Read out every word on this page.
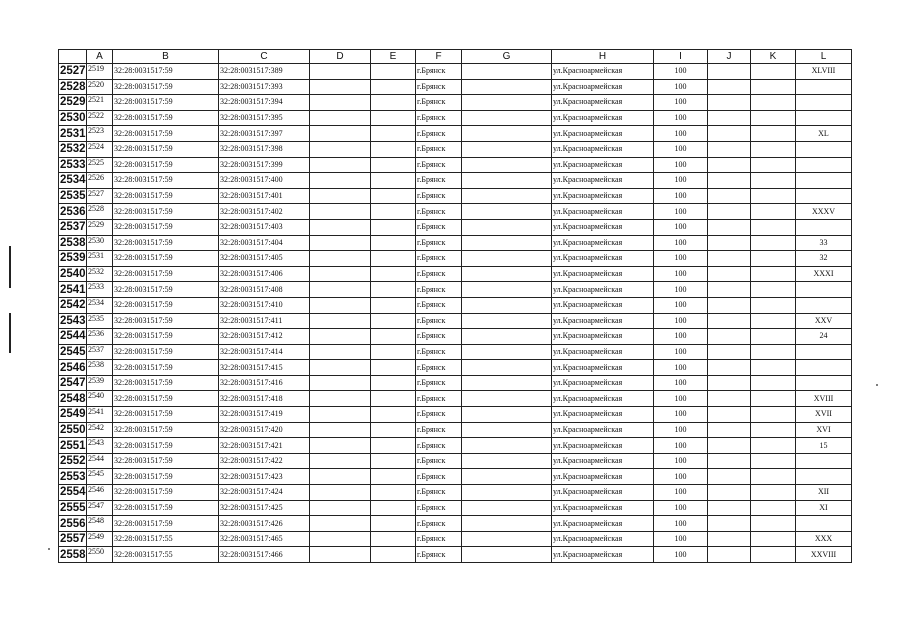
	A	B	C	D	E	F	G	H	I	J	K	L
2527	2519	32:28:0031517:59	32:28:0031517:389			г.Брянск		ул.Красноармейская	100			XLVIII
2528	2520	32:28:0031517:59	32:28:0031517:393			г.Брянск		ул.Красноармейская	100			
2529	2521	32:28:0031517:59	32:28:0031517:394			г.Брянск		ул.Красноармейская	100			
2530	2522	32:28:0031517:59	32:28:0031517:395			г.Брянск		ул.Красноармейская	100			
2531	2523	32:28:0031517:59	32:28:0031517:397			г.Брянск		ул.Красноармейская	100			XL
2532	2524	32:28:0031517:59	32:28:0031517:398			г.Брянск		ул.Красноармейская	100			
2533	2525	32:28:0031517:59	32:28:0031517:399			г.Брянск		ул.Красноармейская	100			
2534	2526	32:28:0031517:59	32:28:0031517:400			г.Брянск		ул.Красноармейская	100			
2535	2527	32:28:0031517:59	32:28:0031517:401			г.Брянск		ул.Красноармейская	100			
2536	2528	32:28:0031517:59	32:28:0031517:402			г.Брянск		ул.Красноармейская	100			XXXV
2537	2529	32:28:0031517:59	32:28:0031517:403			г.Брянск		ул.Красноармейская	100			
2538	2530	32:28:0031517:59	32:28:0031517:404			г.Брянск		ул.Красноармейская	100			33
2539	2531	32:28:0031517:59	32:28:0031517:405			г.Брянск		ул.Красноармейская	100			32
2540	2532	32:28:0031517:59	32:28:0031517:406			г.Брянск		ул.Красноармейская	100			XXXI
2541	2533	32:28:0031517:59	32:28:0031517:408			г.Брянск		ул.Красноармейская	100			
2542	2534	32:28:0031517:59	32:28:0031517:410			г.Брянск		ул.Красноармейская	100			
2543	2535	32:28:0031517:59	32:28:0031517:411			г.Брянск		ул.Красноармейская	100			XXV
2544	2536	32:28:0031517:59	32:28:0031517:412			г.Брянск		ул.Красноармейская	100			24
2545	2537	32:28:0031517:59	32:28:0031517:414			г.Брянск		ул.Красноармейская	100			
2546	2538	32:28:0031517:59	32:28:0031517:415			г.Брянск		ул.Красноармейская	100			
2547	2539	32:28:0031517:59	32:28:0031517:416			г.Брянск		ул.Красноармейская	100			
2548	2540	32:28:0031517:59	32:28:0031517:418			г.Брянск		ул.Красноармейская	100			XVIII
2549	2541	32:28:0031517:59	32:28:0031517:419			г.Брянск		ул.Красноармейская	100			XVII
2550	2542	32:28:0031517:59	32:28:0031517:420			г.Брянск		ул.Красноармейская	100			XVI
2551	2543	32:28:0031517:59	32:28:0031517:421			г.Брянск		ул.Красноармейская	100			15
2552	2544	32:28:0031517:59	32:28:0031517:422			г.Брянск		ул.Красноармейская	100			
2553	2545	32:28:0031517:59	32:28:0031517:423			г.Брянск		ул.Красноармейская	100			
2554	2546	32:28:0031517:59	32:28:0031517:424			г.Брянск		ул.Красноармейская	100			XII
2555	2547	32:28:0031517:59	32:28:0031517:425			г.Брянск		ул.Красноармейская	100			XI
2556	2548	32:28:0031517:59	32:28:0031517:426			г.Брянск		ул.Красноармейская	100			
2557	2549	32:28:0031517:55	32:28:0031517:465			г.Брянск		ул.Красноармейская	100			XXX
2558	2550	32:28:0031517:55	32:28:0031517:466			г.Брянск		ул.Красноармейская	100			XXVIII
